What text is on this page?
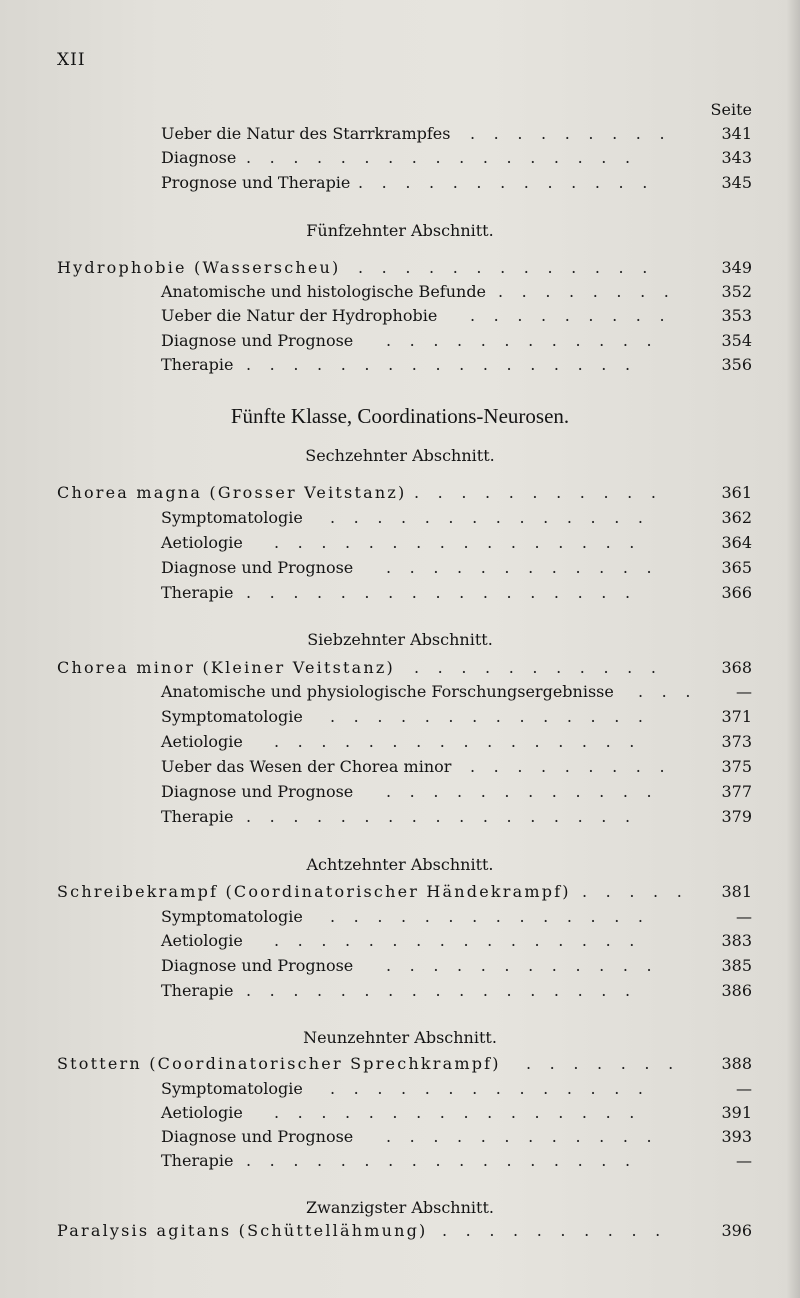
XII
Seite
Fünfte Klasse, Coordinations-Neurosen.
Ueber die Natur des Starrkrampfes	341
.........
Diagnose	343
.................
Prognose und Therapie	345
.............
Fünfzehnter Abschnitt.
Hydrophobie (Wasserscheu)	349
.............
Anatomische und histologische Befunde	352
........
Ueber die Natur der Hydrophobie	353
.........
Diagnose und Prognose	354
............
Therapie	356
.................
Sechzehnter Abschnitt.
Chorea magna (Grosser Veitstanz)	361
...........
Symptomatologie	362
..............
Aetiologie	364
................
Diagnose und Prognose	365
............
Therapie	366
.................
Siebzehnter Abschnitt.
Chorea minor (Kleiner Veitstanz)	368
...........
Anatomische und physiologische Forschungsergebnisse	—
...
Symptomatologie	371
..............
Aetiologie	373
................
Ueber das Wesen der Chorea minor	375
.........
Diagnose und Prognose	377
............
Therapie	379
.................
Achtzehnter Abschnitt.
Schreibekrampf (Coordinatorischer Händekrampf)	381
.....
Symptomatologie	—
..............
Aetiologie	383
................
Diagnose und Prognose	385
............
Therapie	386
.................
Neunzehnter Abschnitt.
Stottern (Coordinatorischer Sprechkrampf)	388
.......
Symptomatologie	—
..............
Aetiologie	391
................
Diagnose und Prognose	393
............
Therapie	—
.................
Zwanzigster Abschnitt.
Paralysis agitans (Schüttellähmung)	396
..........
